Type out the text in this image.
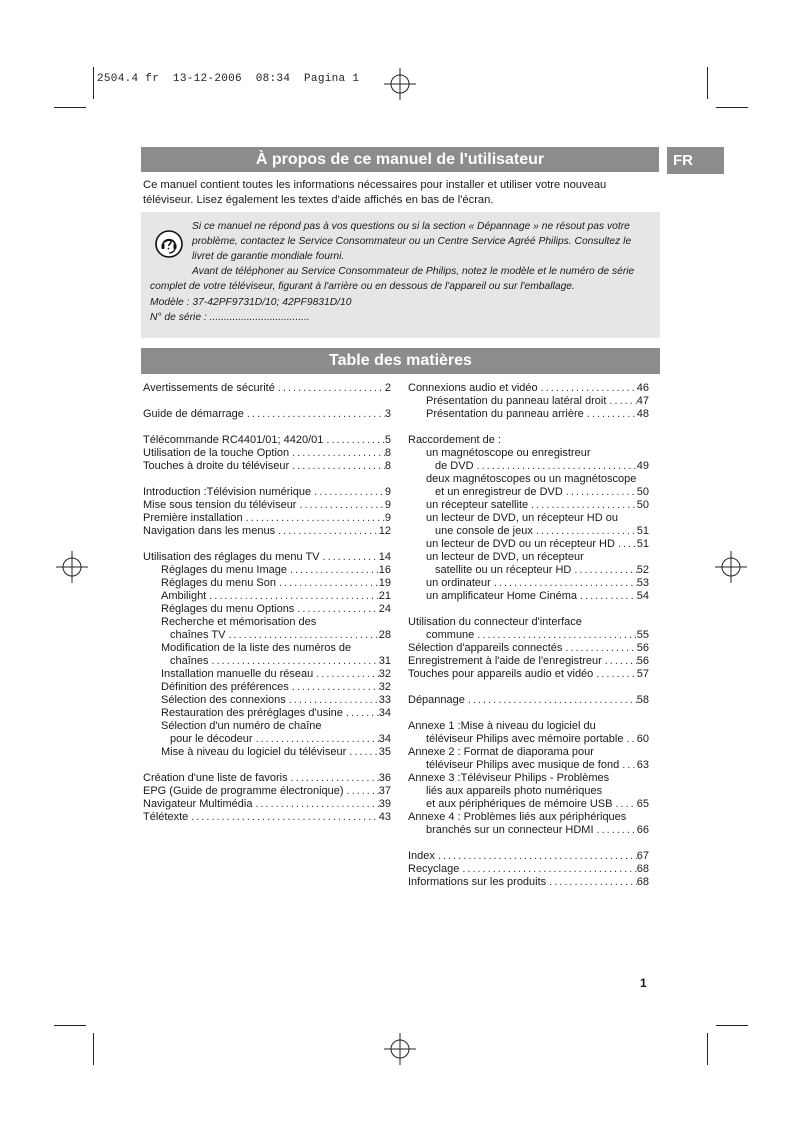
2504.4 fr  13-12-2006  08:34  Pagina 1
À propos de ce manuel de l'utilisateur	FR
Ce manuel contient toutes les informations nécessaires pour installer et utiliser votre nouveau
téléviseur. Lisez également les textes d'aide affichés en bas de l'écran.
Si ce manuel ne répond pas à vos questions ou si la section « Dépannage » ne résout pas votre
problème, contactez le Service Consommateur ou un Centre Service Agréé Philips. Consultez le
livret de garantie mondiale fourni.
Avant de téléphoner au Service Consommateur de Philips, notez le modèle et le numéro de série
complet de votre téléviseur, figurant à l'arrière ou en dessous de l'appareil ou sur l'emballage.
Modèle : 37-42PF9731D/10; 42PF9831D/10
N° de série : ...................................
Table des matières
Avertissements de sécurité .....	2
Guide de démarrage .....	3
Télécommande RC4401/01; 4420/01 .....	5
Utilisation de la touche Option .....	8
Touches à droite du téléviseur .....	8
Introduction :Télévision numérique .....	9
Mise sous tension du téléviseur .....	9
Première installation .....	9
Navigation dans les menus .....	12
Utilisation des réglages du menu TV .....	14
Réglages du menu Image .....	16
Réglages du menu Son .....	19
Ambilight .....	21
Réglages du menu Options .....	24
Recherche et mémorisation des
chaînes TV .....	28
Modification de la liste des numéros de
chaînes .....	31
Installation manuelle du réseau .....	32
Définition des préférences .....	32
Sélection des connexions .....	33
Restauration des préréglages d'usine .....	34
Sélection d'un numéro de chaîne
pour le décodeur .....	34
Mise à niveau du logiciel du téléviseur .....	35
Création d'une liste de favoris .....	36
EPG (Guide de programme électronique) .....	37
Navigateur Multimédia .....	39
Télétexte .....	43
Connexions audio et vidéo .....	46
Présentation du panneau latéral droit .....	47
Présentation du panneau arrière .....	48
Raccordement de :
un magnétoscope ou enregistreur
de DVD .....	49
deux magnétoscopes ou un magnétoscope
et un enregistreur de DVD .....	50
un récepteur satellite .....	50
un lecteur de DVD, un récepteur HD ou
une console de jeux .....	51
un lecteur de DVD ou un récepteur HD ..... 51
un lecteur de DVD, un récepteur
satellite ou un récepteur HD .....	52
un ordinateur .....	53
un amplificateur Home Cinéma .....	54
Utilisation du connecteur d'interface
commune .....	55
Sélection d'appareils connectés .....	56
Enregistrement à l'aide de l'enregistreur .....	56
Touches pour appareils audio et vidéo .....	57
Dépannage .....	58
Annexe 1 :Mise à niveau du logiciel du
téléviseur Philips avec mémoire portable ..... 60
Annexe 2 : Format de diaporama pour
téléviseur Philips avec musique de fond ..... 63
Annexe 3 :Téléviseur Philips - Problèmes
liés aux appareils photo numériques
et aux périphériques de mémoire USB ..... 65
Annexe 4 : Problèmes liés aux périphériques
branchés sur un connecteur HDMI .....	66
Index .....	67
Recyclage .....	68
Informations sur les produits .....	68
1
